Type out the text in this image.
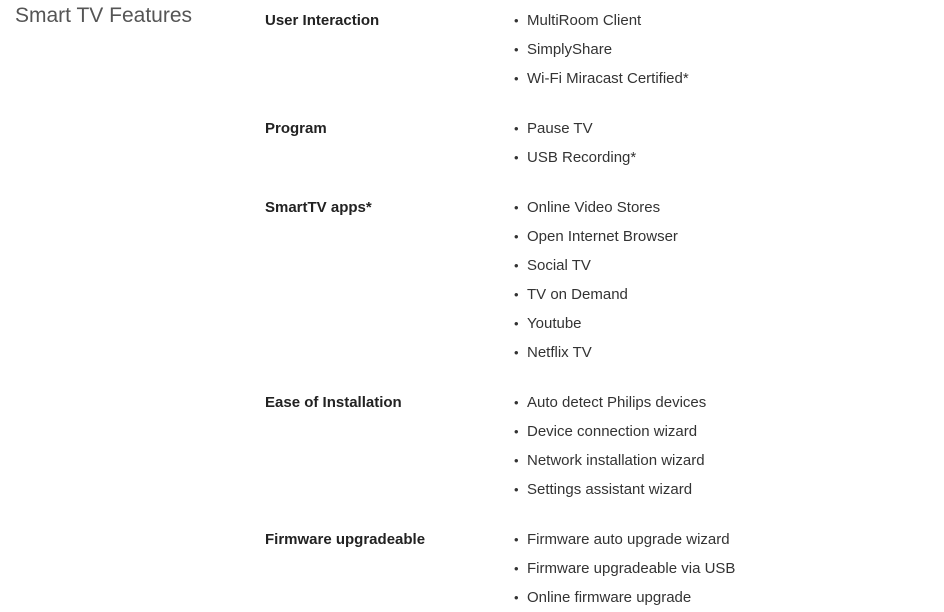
Smart TV Features	User Interaction	• MultiRoom Client
• SimplyShare
• Wi-Fi Miracast Certified*
Program	• Pause TV
• USB Recording*
SmartTV apps*	• Online Video Stores
• Open Internet Browser
• Social TV
• TV on Demand
• Youtube
• Netflix TV
Ease of Installation	• Auto detect Philips devices
• Device connection wizard
• Network installation wizard
• Settings assistant wizard
Firmware upgradeable	• Firmware auto upgrade wizard
• Firmware upgradeable via USB
• Online firmware upgrade
